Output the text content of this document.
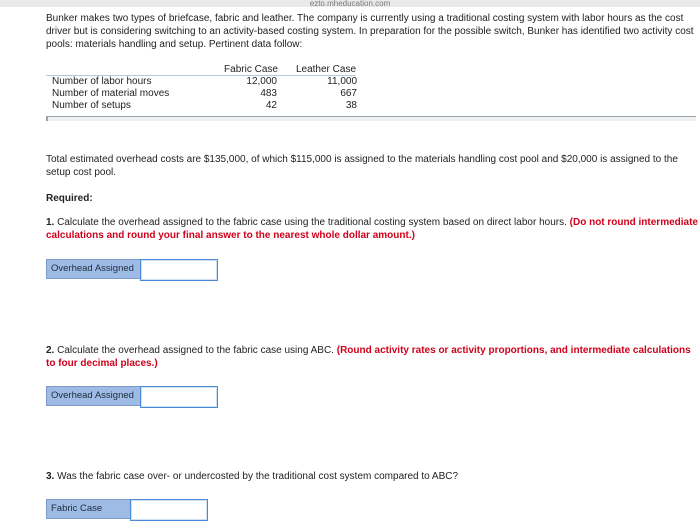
ezto.mheducation.com

Bunker makes two types of briefcase, fabric and leather. The company is currently using a traditional costing system with labor hours as the cost driver but is considering switching to an activity-based costing system. In preparation for the possible switch, Bunker has identified two activity cost pools: materials handling and setup. Pertinent data follow:

	Fabric Case	Leather Case
Number of labor hours	12,000	11,000
Number of material moves	483	667
Number of setups	42	38

Total estimated overhead costs are $135,000, of which $115,000 is assigned to the materials handling cost pool and $20,000 is assigned to the setup cost pool.

Required:

1. Calculate the overhead assigned to the fabric case using the traditional costing system based on direct labor hours. (Do not round intermediate calculations and round your final answer to the nearest whole dollar amount.)

Overhead Assigned

2. Calculate the overhead assigned to the fabric case using ABC. (Round activity rates or activity proportions, and intermediate calculations to four decimal places.)

Overhead Assigned

3. Was the fabric case over- or undercosted by the traditional cost system compared to ABC?

Fabric Case
